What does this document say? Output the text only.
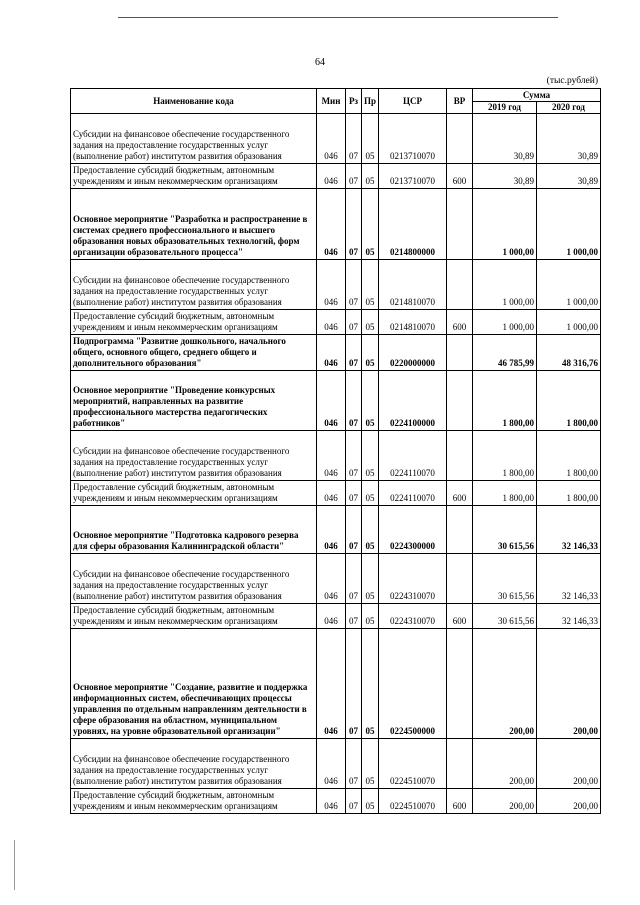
64
(тыс.рублей)
Наименование кода	Мин	Рз	Пр	ЦСР	ВР	Сумма	
						2019 год	2020 год
Субсидии на финансовое обеспечение государственного задания на предоставление государственных услуг (выполнение работ) институтом развития образования	046	07	05	0213710070		30,89	30,89
Предоставление субсидий бюджетным, автономным учреждениям и иным некоммерческим организациям	046	07	05	0213710070	600	30,89	30,89
Основное мероприятие "Разработка и распространение в системах среднего профессионального и высшего образования новых образовательных технологий, форм организации образовательного процесса"	046	07	05	0214800000		1 000,00	1 000,00
Субсидии на финансовое обеспечение государственного задания на предоставление государственных услуг (выполнение работ) институтом развития образования	046	07	05	0214810070		1 000,00	1 000,00
Предоставление субсидий бюджетным, автономным учреждениям и иным некоммерческим организациям	046	07	05	0214810070	600	1 000,00	1 000,00
Подпрограмма "Развитие дошкольного, начального общего, основного общего, среднего общего и дополнительного образования"	046	07	05	0220000000		46 785,99	48 316,76
Основное мероприятие "Проведение конкурсных мероприятий, направленных на развитие профессионального мастерства педагогических работников"	046	07	05	0224100000		1 800,00	1 800,00
Субсидии на финансовое обеспечение государственного задания на предоставление государственных услуг (выполнение работ) институтом развития образования	046	07	05	0224110070		1 800,00	1 800,00
Предоставление субсидий бюджетным, автономным учреждениям и иным некоммерческим организациям	046	07	05	0224110070	600	1 800,00	1 800,00
Основное мероприятие "Подготовка кадрового резерва для сферы образования Калининградской области"	046	07	05	0224300000		30 615,56	32 146,33
Субсидии на финансовое обеспечение государственного задания на предоставление государственных услуг (выполнение работ) институтом развития образования	046	07	05	0224310070		30 615,56	32 146,33
Предоставление субсидий бюджетным, автономным учреждениям и иным некоммерческим организациям	046	07	05	0224310070	600	30 615,56	32 146,33
Основное мероприятие "Создание, развитие и поддержка информационных систем, обеспечивающих процессы управления по отдельным направлениям деятельности в сфере образования на областном, муниципальном уровнях, на уровне образовательной организации"	046	07	05	0224500000		200,00	200,00
Субсидии на финансовое обеспечение государственного задания на предоставление государственных услуг (выполнение работ) институтом развития образования	046	07	05	0224510070		200,00	200,00
Предоставление субсидий бюджетным, автономным учреждениям и иным некоммерческим организациям	046	07	05	0224510070	600	200,00	200,00
